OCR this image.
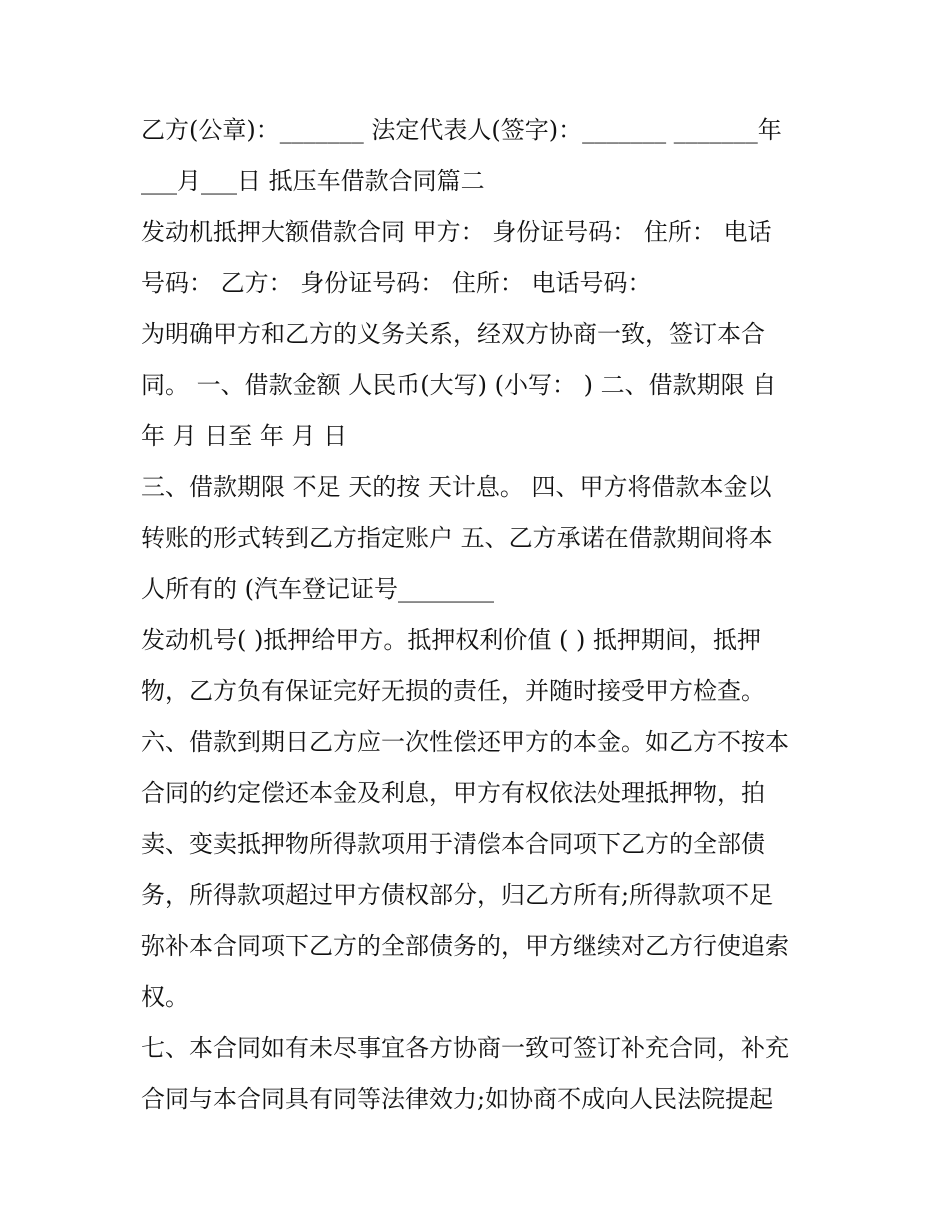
乙方(公章)：_______ 法定代表人(签字)：_______ _______年
___月___日 抵压车借款合同篇二
发动机抵押大额借款合同 甲方： 身份证号码： 住所： 电话
号码： 乙方： 身份证号码： 住所： 电话号码：
为明确甲方和乙方的义务关系，经双方协商一致，签订本合
同。 一、借款金额 人民币(大写) (小写： ) 二、借款期限 自
年 月 日至 年 月 日
三、借款期限 不足 天的按 天计息。 四、甲方将借款本金以
转账的形式转到乙方指定账户 五、乙方承诺在借款期间将本
人所有的 (汽车登记证号________
发动机号( )抵押给甲方。抵押权利价值 ( ) 抵押期间，抵押
物，乙方负有保证完好无损的责任，并随时接受甲方检查。
六、借款到期日乙方应一次性偿还甲方的本金。如乙方不按本
合同的约定偿还本金及利息，甲方有权依法处理抵押物，拍
卖、变卖抵押物所得款项用于清偿本合同项下乙方的全部债
务，所得款项超过甲方债权部分，归乙方所有;所得款项不足
弥补本合同项下乙方的全部债务的，甲方继续对乙方行使追索
权。
七、本合同如有未尽事宜各方协商一致可签订补充合同，补充
合同与本合同具有同等法律效力;如协商不成向人民法院提起
